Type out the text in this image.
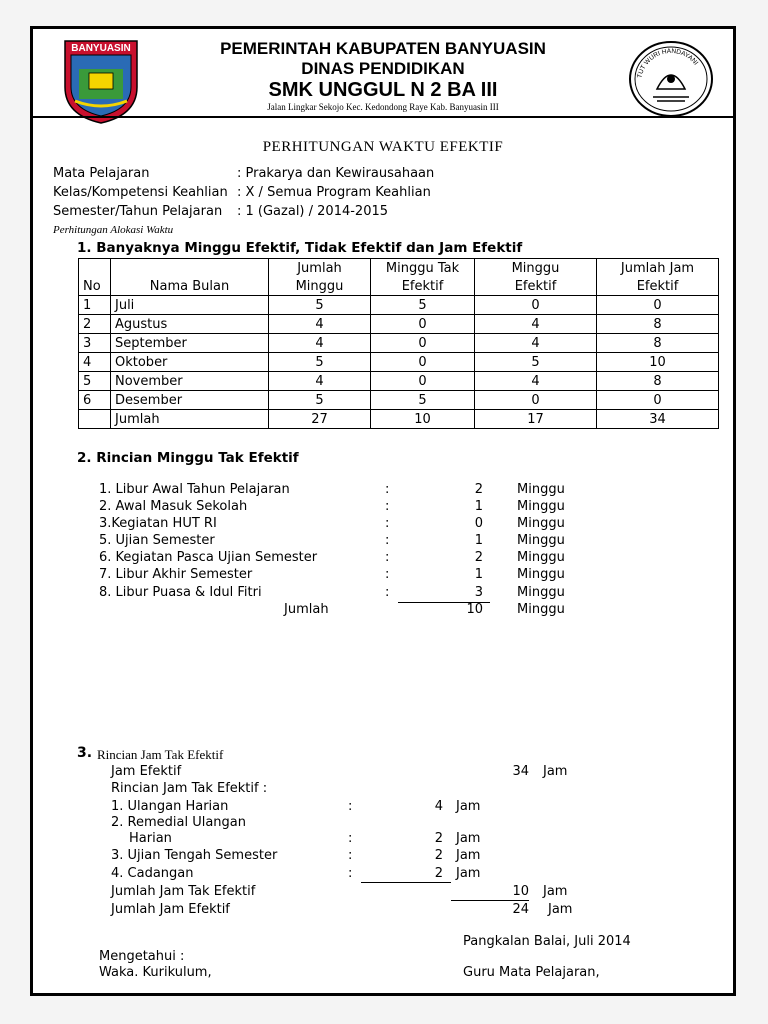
BANYUASIN	PEMERINTAH KABUPATEN BANYUASIN
DINAS PENDIDIKAN
SMK UNGGUL N 2 BA III
Jalan Lingkar Sekojo Kec. Kedondong Raye Kab. Banyuasin III
TUT WURI HANDAYANI
PERHITUNGAN WAKTU EFEKTIF
Mata Pelajaran	: Prakarya dan Kewirausahaan
Kelas/Kompetensi Keahlian : X / Semua Program Keahlian
Semester/Tahun Pelajaran : 1 (Gazal) / 2014-2015
Perhitungan Alokasi Waktu
1. Banyaknya Minggu Efektif, Tidak Efektif dan Jam Efektif
		Jumlah	Minggu Tak	Minggu	Jumlah Jam
No	Nama Bulan	Minggu	Efektif	Efektif	Efektif
1	Juli	5	5	0	0
2	Agustus	4	0	4	8
3	September	4	0	4	8
4	Oktober	5	0	5	10
5	November	4	0	4	8
6	Desember	5	5	0	0
	Jumlah	27	10	17	34
2. Rincian Minggu Tak Efektif
1. Libur Awal Tahun Pelajaran	:	2	Minggu
2. Awal Masuk Sekolah	:	1	Minggu
3.Kegiatan HUT RI	:	0	Minggu
5. Ujian Semester	:	1	Minggu
6. Kegiatan Pasca Ujian Semester	:	2	Minggu
7. Libur Akhir Semester	:	1	Minggu
8. Libur Puasa & Idul Fitri	:	3	Minggu
Jumlah	10	Minggu
3. Rincian Jam Tak Efektif
Jam Efektif	34 Jam
Rincian Jam Tak Efektif :
1. Ulangan Harian	:	4 Jam
2. Remedial Ulangan
Harian	:	2 Jam
3. Ujian Tengah Semester	:	2 Jam
4. Cadangan	:	2 Jam
Jumlah Jam Tak Efektif	10 Jam
Jumlah Jam Efektif	24 Jam
Pangkalan Balai, Juli 2014
Mengetahui :
Waka. Kurikulum,	Guru Mata Pelajaran,
